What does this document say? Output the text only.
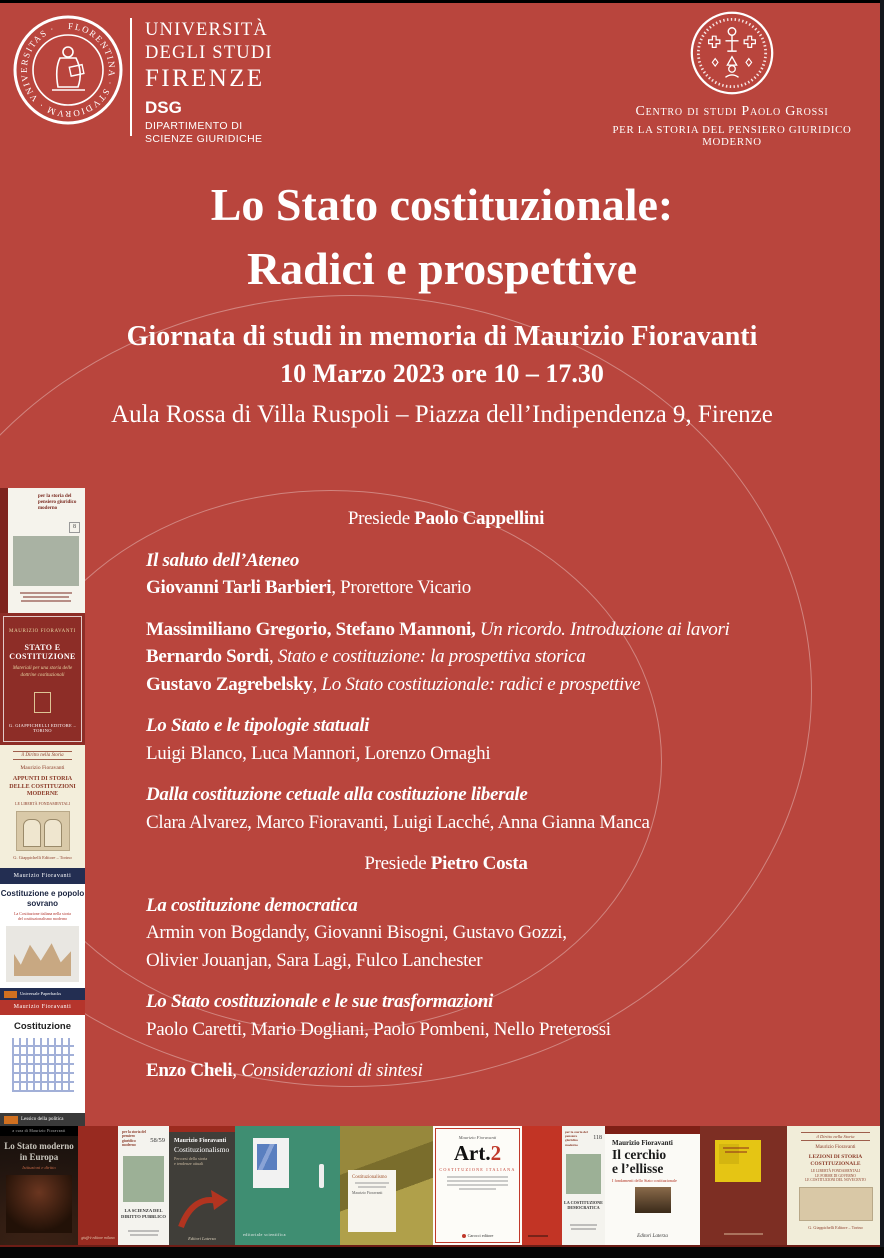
FLORENTINA · STVDIORVM · VNIVERSITAS ·	UNIVERSITÀ
DEGLI STUDI
FIRENZE
DSG
DIPARTIMENTO DI
SCIENZE GIURIDICHE
Centro di studi Paolo Grossi
PER LA STORIA DEL PENSIERO GIURIDICO MODERNO
Lo Stato costituzionale:
Radici e prospettive
Giornata di studi in memoria di Maurizio Fioravanti
10 Marzo 2023 ore 10 – 17.30
Aula Rossa di Villa Ruspoli – Piazza dell’Indipendenza 9, Firenze
Presiede Paolo Cappellini
Il saluto dell’Ateneo
Giovanni Tarli Barbieri, Prorettore Vicario
Massimiliano Gregorio, Stefano Mannoni, Un ricordo. Introduzione ai lavori
Bernardo Sordi, Stato e costituzione: la prospettiva storica
Gustavo Zagrebelsky, Lo Stato costituzionale: radici e prospettive
Lo Stato e le tipologie statuali
Luigi Blanco, Luca Mannori, Lorenzo Ornaghi
Dalla costituzione cetuale alla costituzione liberale
Clara Alvarez, Marco Fioravanti, Luigi Lacché, Anna Gianna Manca
Presiede Pietro Costa
La costituzione democratica
Armin von Bogdandy, Giovanni Bisogni, Gustavo Gozzi,
Olivier Jouanjan, Sara Lagi, Fulco Lanchester
Lo Stato costituzionale e le sue trasformazioni
Paolo Caretti, Mario Dogliani, Paolo Pombeni, Nello Preterossi
Enzo Cheli, Considerazioni di sintesi
per la storia del pensiero giuridico moderno
8
MAURIZIO FIORAVANTI
STATO E COSTITUZIONE
Materiali per una storia delle dottrine costituzionali
G. GIAPPICHELLI EDITORE – TORINO
il Diritto nella Storia
Maurizio Fioravanti
APPUNTI DI STORIA DELLE COSTITUZIONI MODERNE
LE LIBERTÀ FONDAMENTALI
G. Giappichelli Editore – Torino
Maurizio Fioravanti
Costituzione e popolo sovrano
La Costituzione italiana nella storia
del costituzionalismo moderno
Universale Paperbacks
Maurizio Fioravanti
Costituzione
Lessico della politica
a cura di Maurizio Fioravanti
Lo Stato moderno in Europa
Istituzioni e diritto
giuffrè editore milano
per la storia del pensiero giuridico moderno
58/59
LA SCIENZA DEL DIRITTO PUBBLICO
Maurizio Fioravanti
Costituzionalismo
Percorsi della storia
e tendenze attuali
Editori Laterza
editoriale scientifica
Costituzionalismo
Maurizio Fioravanti
Maurizio Fioravanti
Art.2
COSTITUZIONE ITALIANA
Carocci editore
per la storia del pensiero giuridico moderno
118
LA COSTITUZIONE DEMOCRATICA
Maurizio Fioravanti
Il cerchio
e l’ellisse
I fondamenti dello Stato costituzionale
Editori Laterza
il Diritto nella Storia
Maurizio Fioravanti
LEZIONI DI STORIA COSTITUZIONALE
LE LIBERTÀ FONDAMENTALI
LE FORME DI GOVERNO
LE COSTITUZIONI DEL NOVECENTO
G. Giappichelli Editore – Torino
